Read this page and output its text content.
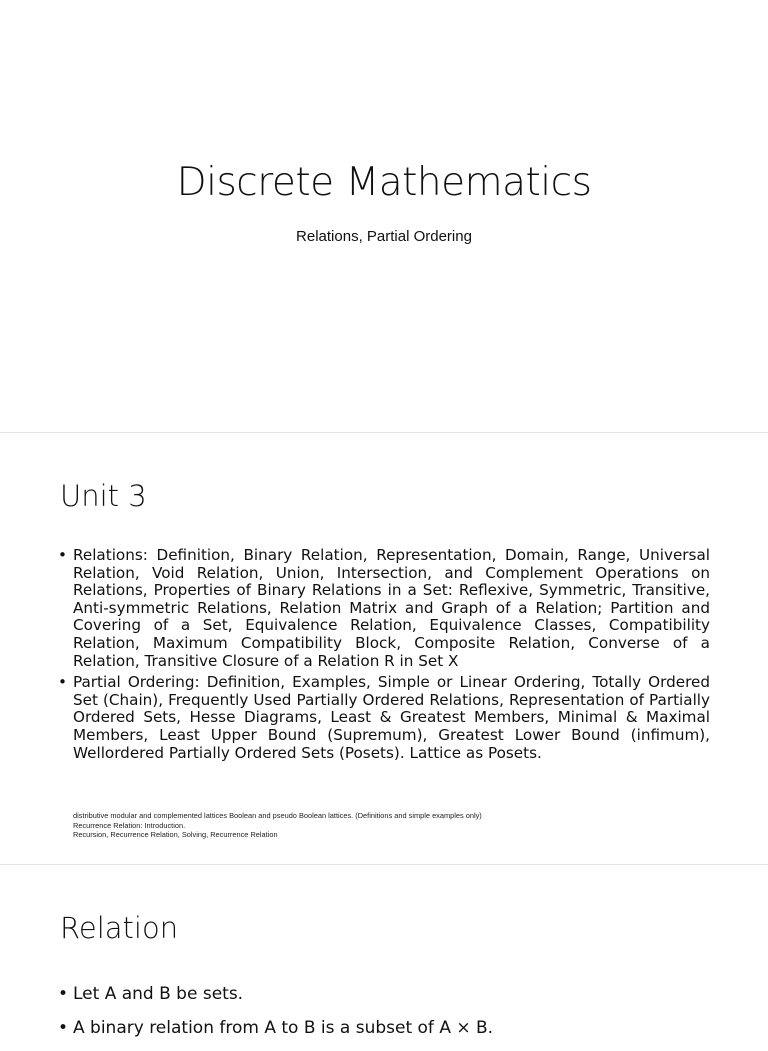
Discrete Mathematics
Relations, Partial Ordering
Unit 3
• Relations: Definition, Binary Relation, Representation, Domain, Range, Universal Relation, Void Relation, Union, Intersection, and Complement Operations on Relations, Properties of Binary Relations in a Set: Reflexive, Symmetric, Transitive, Anti-symmetric Relations, Relation Matrix and Graph of a Relation; Partition and Covering of a Set, Equivalence Relation, Equivalence Classes, Compatibility Relation, Maximum Compatibility Block, Composite Relation, Converse of a Relation, Transitive Closure of a Relation R in Set X
• Partial Ordering: Definition, Examples, Simple or Linear Ordering, Totally Ordered Set (Chain), Frequently Used Partially Ordered Relations, Representation of Partially Ordered Sets, Hesse Diagrams, Least & Greatest Members, Minimal & Maximal Members, Least Upper Bound (Supremum), Greatest Lower Bound (infimum), Wellordered Partially Ordered Sets (Posets). Lattice as Posets.
distributive modular and complemented lattices Boolean and pseudo Boolean lattices. (Definitions and simple examples only)
Recurrence Relation: Introduction.
Recursion, Recurrence Relation, Solving, Recurrence Relation
Relation
• Let A and B be sets.
• A binary relation from A to B is a subset of A × B.
